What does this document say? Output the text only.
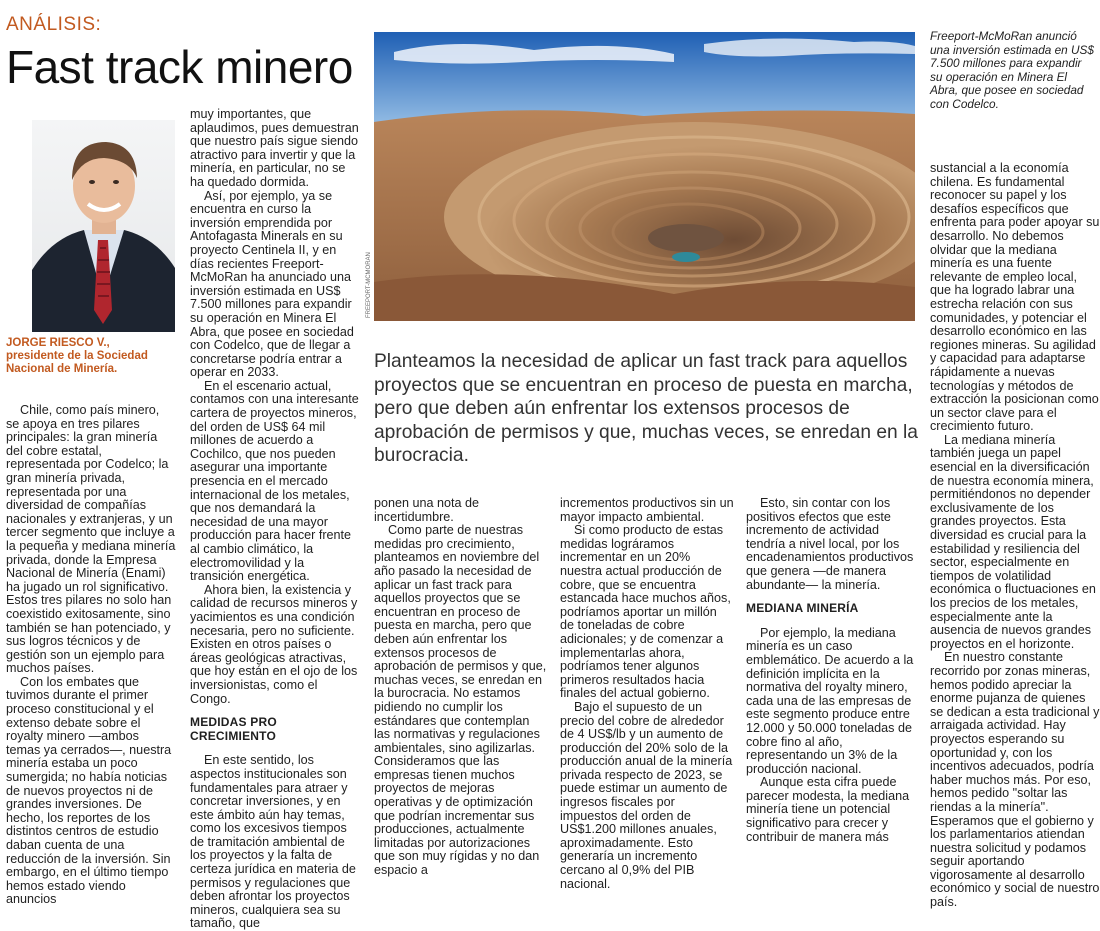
ANÁLISIS:
Fast track minero
JORGE RIESCO V.,
presidente de la Sociedad Nacional de Minería.

Chile, como país minero, se apoya en tres pilares principales: la gran minería del cobre estatal, representada por Codelco; la gran minería privada, representada por una diversidad de compañías nacionales y extranjeras, y un tercer segmento que incluye a la pequeña y mediana minería privada, donde la Empresa Nacional de Minería (Enami) ha jugado un rol significativo. Estos tres pilares no solo han coexistido exitosamente, sino también se han potenciado, y sus logros técnicos y de gestión son un ejemplo para muchos países.

Con los embates que tuvimos durante el primer proceso constitucional y el extenso debate sobre el royalty minero —ambos temas ya cerrados—, nuestra minería estaba un poco sumergida; no había noticias de nuevos proyectos ni de grandes inversiones. De hecho, los reportes de los distintos centros de estudio daban cuenta de una reducción de la inversión. Sin embargo, en el último tiempo hemos estado viendo anuncios

muy importantes, que aplaudimos, pues demuestran que nuestro país sigue siendo atractivo para invertir y que la minería, en particular, no se ha quedado dormida.

Así, por ejemplo, ya se encuentra en curso la inversión emprendida por Antofagasta Minerals en su proyecto Centinela II, y en días recientes Freeport-McMoRan ha anunciado una inversión estimada en US$ 7.500 millones para expandir su operación en Minera El Abra, que posee en sociedad con Codelco, que de llegar a concretarse podría entrar a operar en 2033.

En el escenario actual, contamos con una interesante cartera de proyectos mineros, del orden de US$ 64 mil millones de acuerdo a Cochilco, que nos pueden asegurar una importante presencia en el mercado internacional de los metales, que nos demandará la necesidad de una mayor producción para hacer frente al cambio climático, la electromovilidad y la transición energética.

Ahora bien, la existencia y calidad de recursos mineros y yacimientos es una condición necesaria, pero no suficiente. Existen en otros países o áreas geológicas atractivas, que hoy están en el ojo de los inversionistas, como el Congo.

MEDIDAS PRO CRECIMIENTO

En este sentido, los aspectos institucionales son fundamentales para atraer y concretar inversiones, y en este ámbito aún hay temas, como los excesivos tiempos de tramitación ambiental de los proyectos y la falta de certeza jurídica en materia de permisos y regulaciones que deben afrontar los proyectos mineros, cualquiera sea su tamaño, que

FREEPORT-MCMORAN
Freeport-McMoRan anunció una inversión estimada en US$ 7.500 millones para expandir su operación en Minera El Abra, que posee en sociedad con Codelco.
Planteamos la necesidad de aplicar un fast track para aquellos proyectos que se encuentran en proceso de puesta en marcha, pero que deben aún enfrentar los extensos procesos de aprobación de permisos y que, muchas veces, se enredan en la burocracia.

ponen una nota de incertidumbre.

Como parte de nuestras medidas pro crecimiento, planteamos en noviembre del año pasado la necesidad de aplicar un fast track para aquellos proyectos que se encuentran en proceso de puesta en marcha, pero que deben aún enfrentar los extensos procesos de aprobación de permisos y que, muchas veces, se enredan en la burocracia. No estamos pidiendo no cumplir los estándares que contemplan las normativas y regulaciones ambientales, sino agilizarlas. Consideramos que las empresas tienen muchos proyectos de mejoras operativas y de optimización que podrían incrementar sus producciones, actualmente limitadas por autorizaciones que son muy rígidas y no dan espacio a

incrementos productivos sin un mayor impacto ambiental.

Si como producto de estas medidas lográramos incrementar en un 20% nuestra actual producción de cobre, que se encuentra estancada hace muchos años, podríamos aportar un millón de toneladas de cobre adicionales; y de comenzar a implementarlas ahora, podríamos tener algunos primeros resultados hacia finales del actual gobierno.

Bajo el supuesto de un precio del cobre de alrededor de 4 US$/lb y un aumento de producción del 20% solo de la producción anual de la minería privada respecto de 2023, se puede estimar un aumento de ingresos fiscales por impuestos del orden de US$1.200 millones anuales, aproximadamente. Esto generaría un incremento cercano al 0,9% del PIB nacional.

Esto, sin contar con los positivos efectos que este incremento de actividad tendría a nivel local, por los encadenamientos productivos que genera —de manera abundante— la minería.

MEDIANA MINERÍA

Por ejemplo, la mediana minería es un caso emblemático. De acuerdo a la definición implícita en la normativa del royalty minero, cada una de las empresas de este segmento produce entre 12.000 y 50.000 toneladas de cobre fino al año, representando un 3% de la producción nacional.

Aunque esta cifra puede parecer modesta, la mediana minería tiene un potencial significativo para crecer y contribuir de manera más

sustancial a la economía chilena. Es fundamental reconocer su papel y los desafíos específicos que enfrenta para poder apoyar su desarrollo. No debemos olvidar que la mediana minería es una fuente relevante de empleo local, que ha logrado labrar una estrecha relación con sus comunidades, y potenciar el desarrollo económico en las regiones mineras. Su agilidad y capacidad para adaptarse rápidamente a nuevas tecnologías y métodos de extracción la posicionan como un sector clave para el crecimiento futuro.

La mediana minería también juega un papel esencial en la diversificación de nuestra economía minera, permitiéndonos no depender exclusivamente de los grandes proyectos. Esta diversidad es crucial para la estabilidad y resiliencia del sector, especialmente en tiempos de volatilidad económica o fluctuaciones en los precios de los metales, especialmente ante la ausencia de nuevos grandes proyectos en el horizonte.

En nuestro constante recorrido por zonas mineras, hemos podido apreciar la enorme pujanza de quienes se dedican a esta tradicional y arraigada actividad. Hay proyectos esperando su oportunidad y, con los incentivos adecuados, podría haber muchos más. Por eso, hemos pedido "soltar las riendas a la minería". Esperamos que el gobierno y los parlamentarios atiendan nuestra solicitud y podamos seguir aportando vigorosamente al desarrollo económico y social de nuestro país.
